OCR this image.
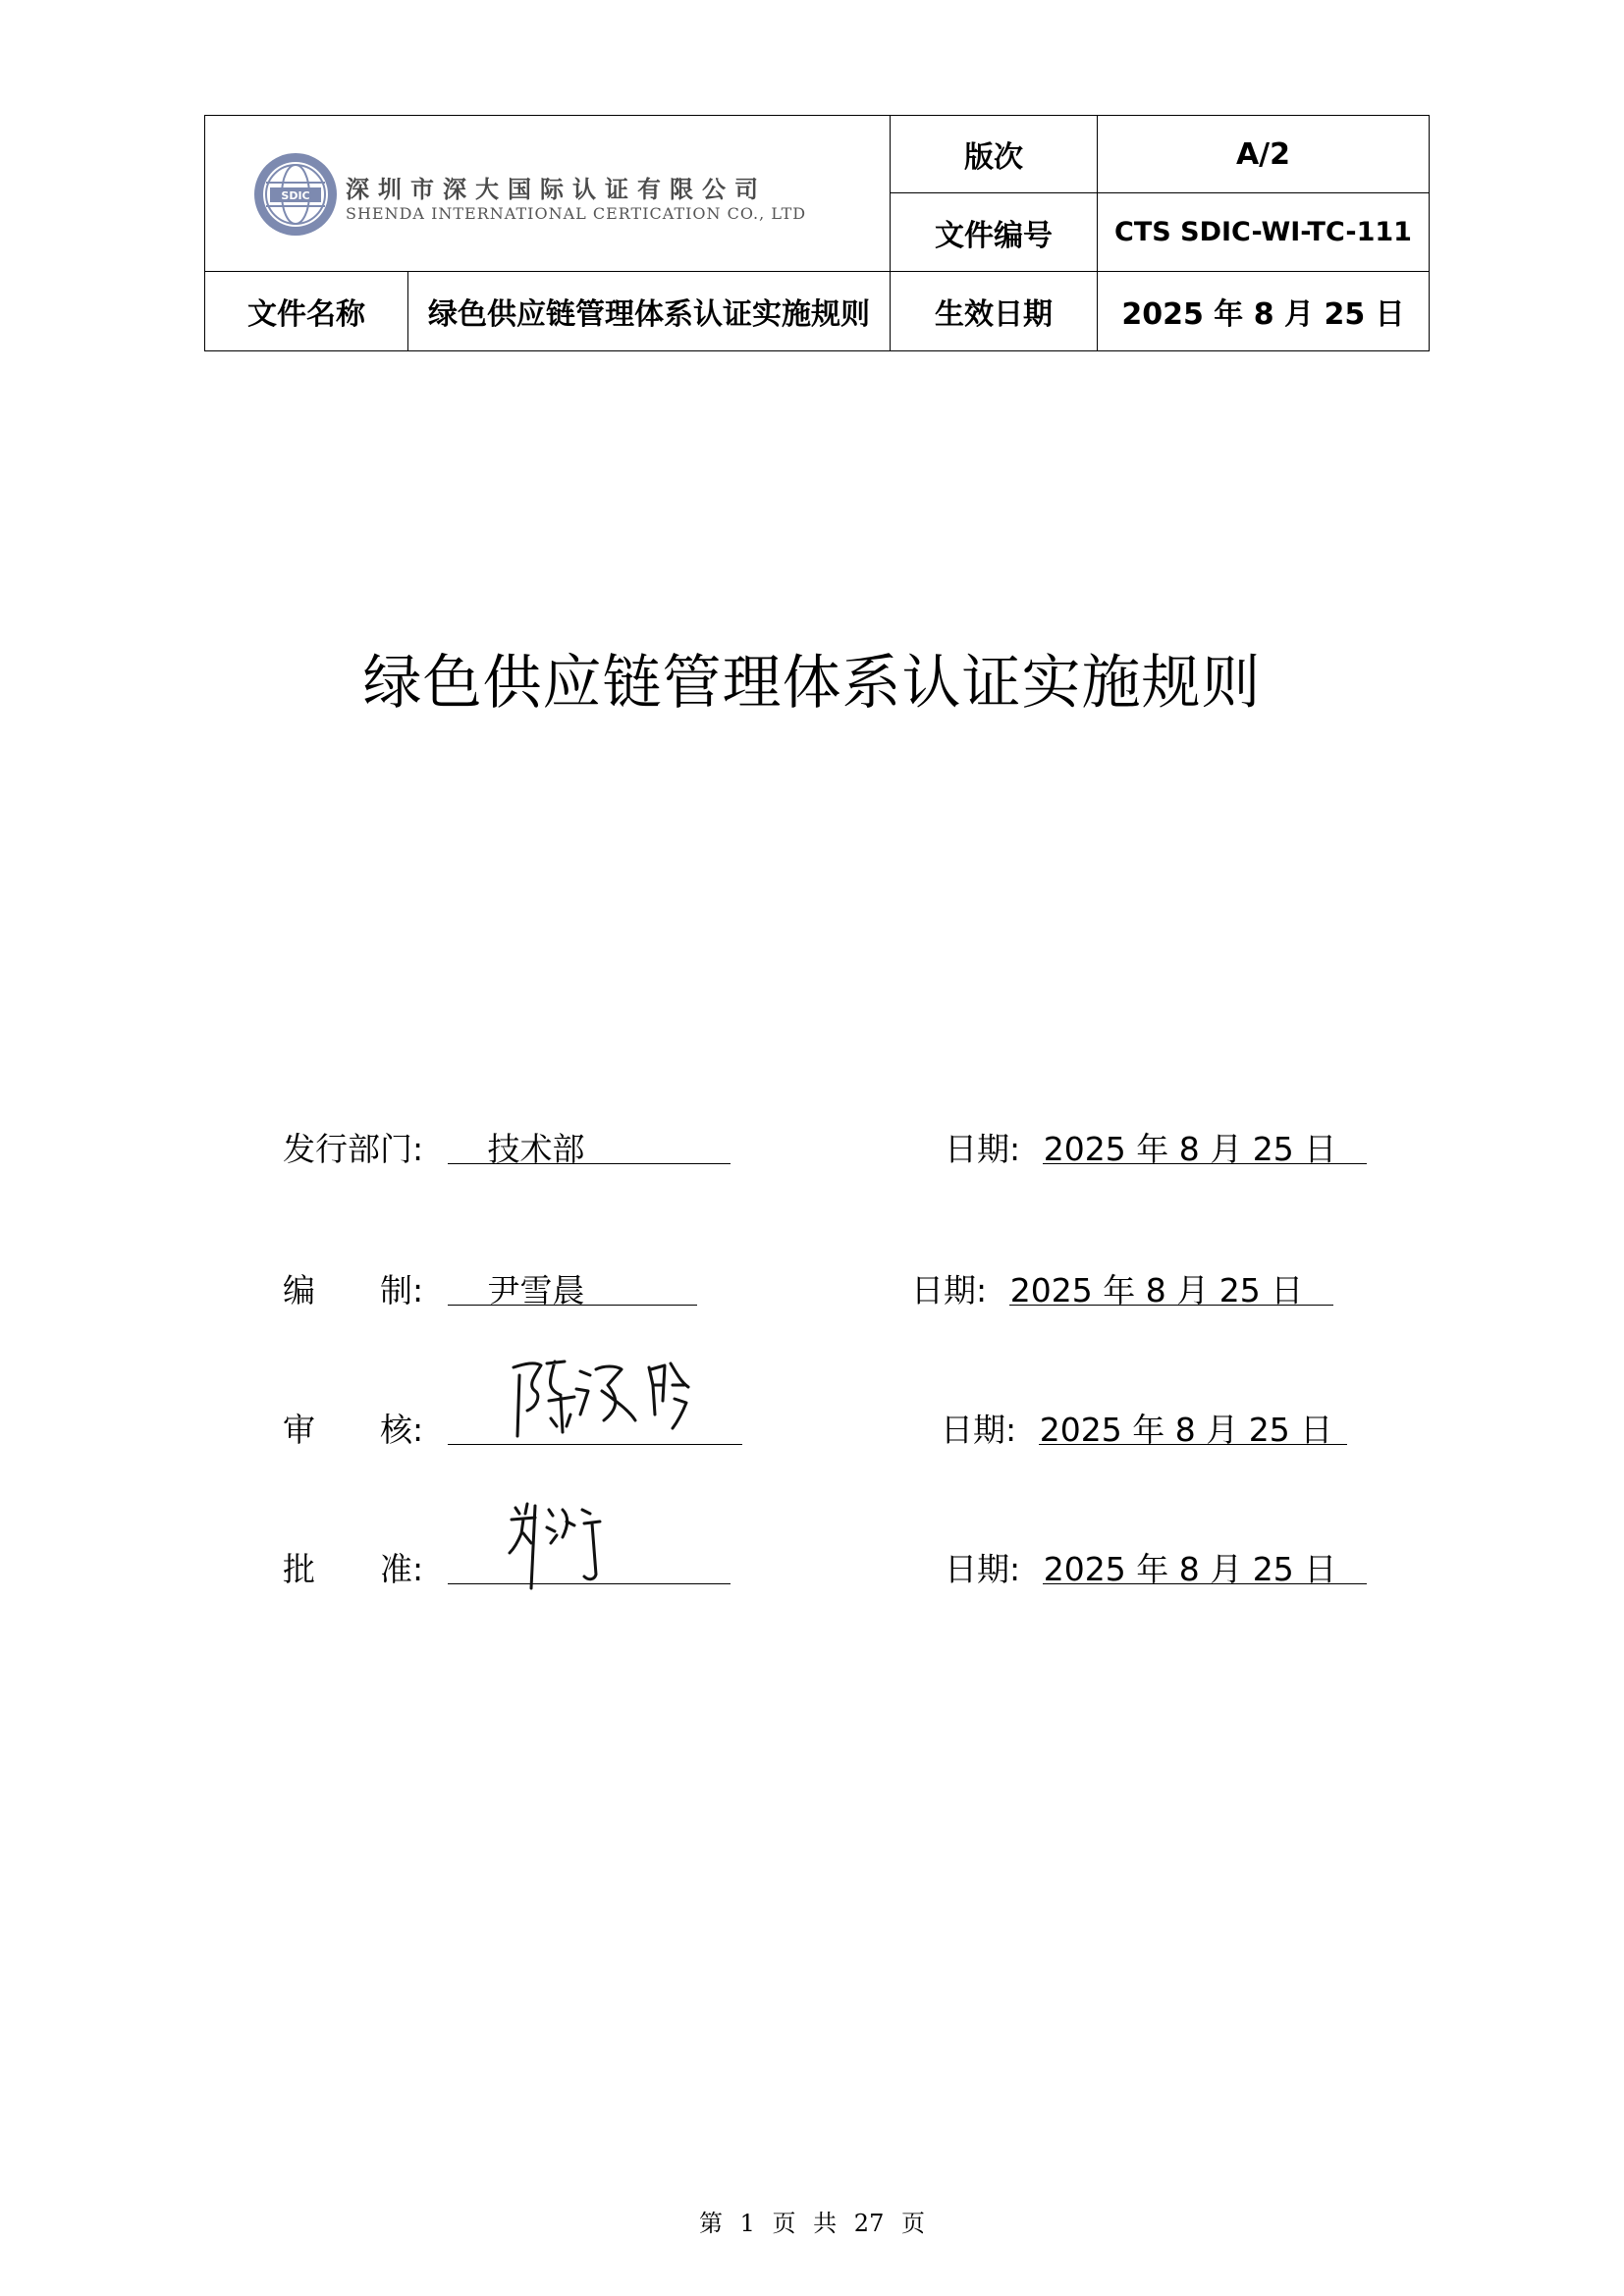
SDIC 深圳市深大国际认证有限公司
SHENDA INTERNATIONAL CERTICATION CO., LTD
版次	A/2
文件编号	CTS SDIC-WI-TC-111
文件名称	绿色供应链管理体系认证实施规则	生效日期	2025 年 8 月 25 日
绿色供应链管理体系认证实施规则
发行部门:	技术部	日期: 2025 年 8 月 25 日
编　　制:	尹雪晨	日期: 2025 年 8 月 25 日
审　　核:	日期: 2025 年 8 月 25 日
批　　准:	日期: 2025 年 8 月 25 日
第 1 页 共 27 页
